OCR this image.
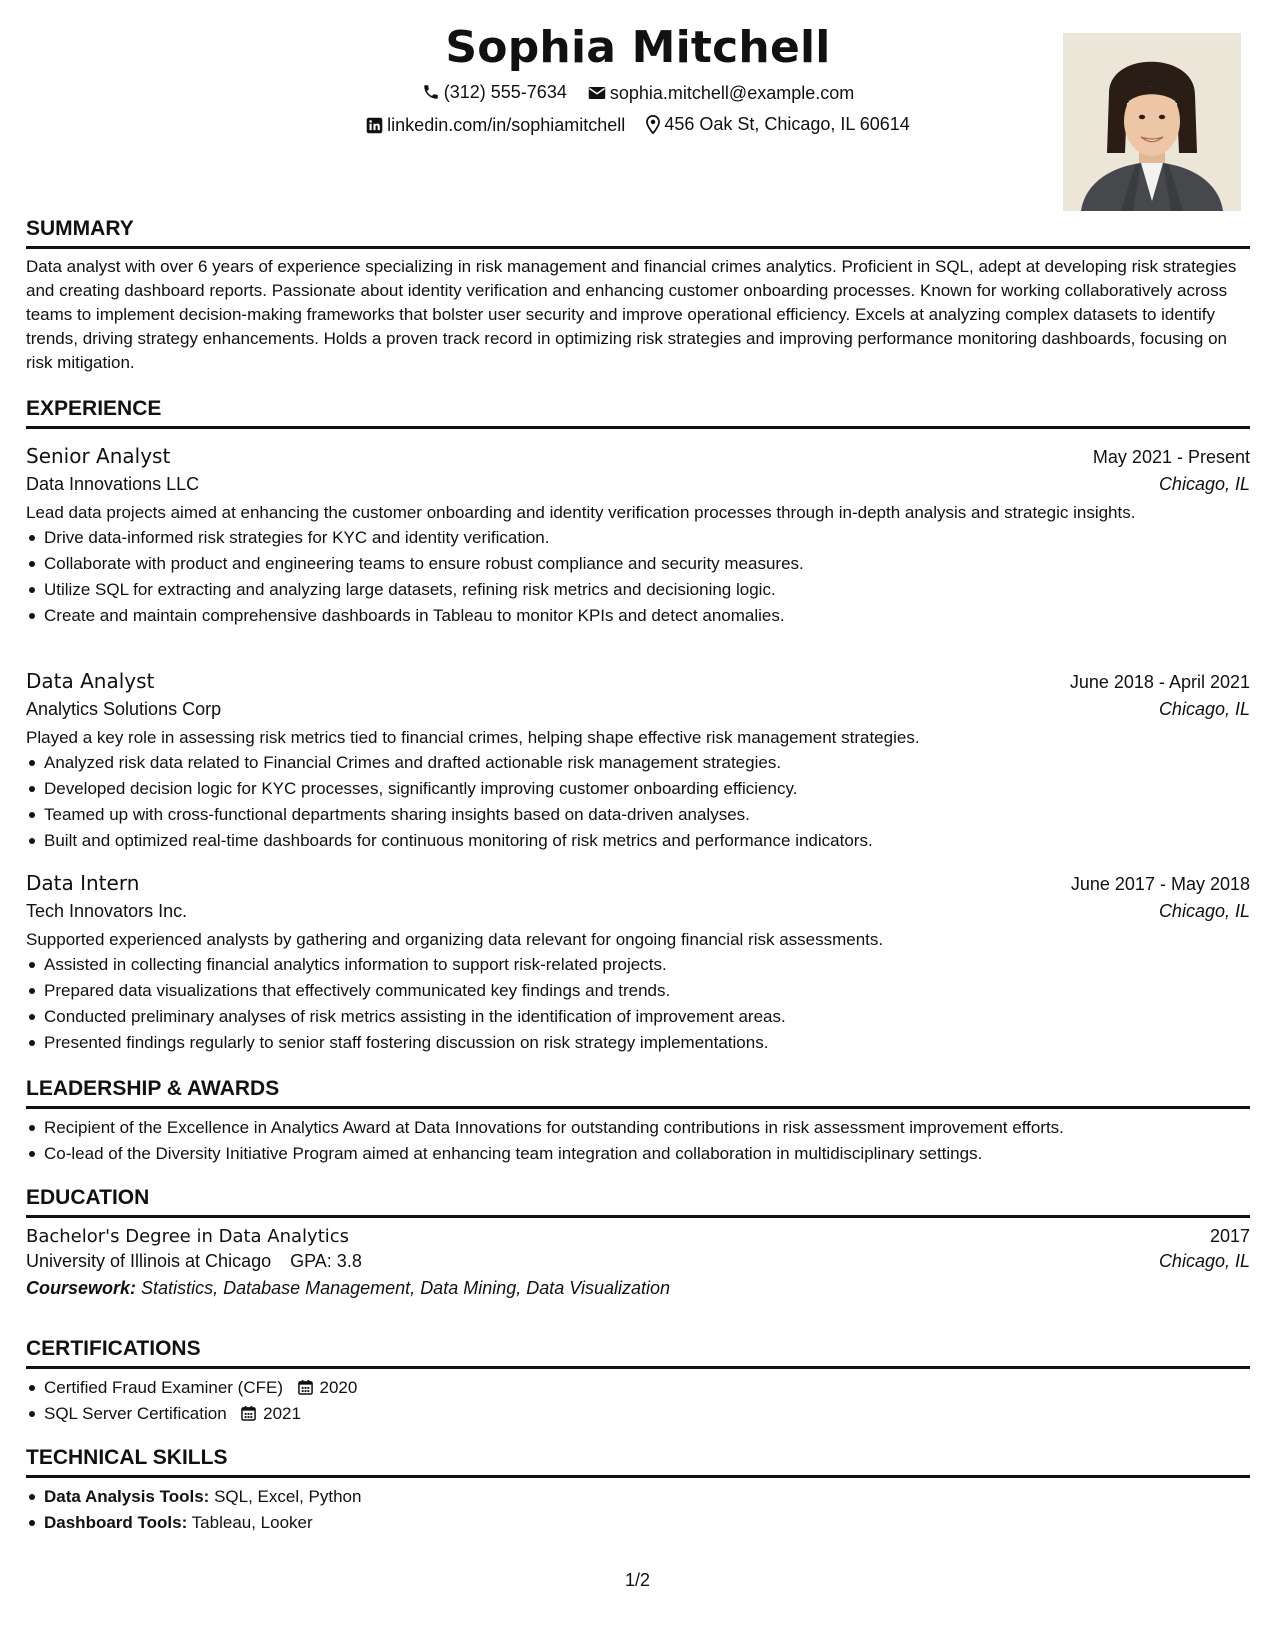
Sophia Mitchell
(312) 555-7634
sophia.mitchell@example.com
linkedin.com/in/sophiamitchell
456 Oak St, Chicago, IL 60614
SUMMARY

Data analyst with over 6 years of experience specializing in risk management and financial crimes analytics. Proficient in SQL, adept at developing risk strategies and creating dashboard reports. Passionate about identity verification and enhancing customer onboarding processes. Known for working collaboratively across teams to implement decision-making frameworks that bolster user security and improve operational efficiency. Excels at analyzing complex datasets to identify trends, driving strategy enhancements. Holds a proven track record in optimizing risk strategies and improving performance monitoring dashboards, focusing on risk mitigation.

EXPERIENCE
Senior Analyst	May 2021 - Present
Data Innovations LLC	Chicago, IL

Lead data projects aimed at enhancing the customer onboarding and identity verification processes through in-depth analysis and strategic insights.

Drive data-informed risk strategies for KYC and identity verification.
Collaborate with product and engineering teams to ensure robust compliance and security measures.
Utilize SQL for extracting and analyzing large datasets, refining risk metrics and decisioning logic.
Create and maintain comprehensive dashboards in Tableau to monitor KPIs and detect anomalies.
Data Analyst	June 2018 - April 2021
Analytics Solutions Corp	Chicago, IL

Played a key role in assessing risk metrics tied to financial crimes, helping shape effective risk management strategies.

Analyzed risk data related to Financial Crimes and drafted actionable risk management strategies.
Developed decision logic for KYC processes, significantly improving customer onboarding efficiency.
Teamed up with cross-functional departments sharing insights based on data-driven analyses.
Built and optimized real-time dashboards for continuous monitoring of risk metrics and performance indicators.
Data Intern	June 2017 - May 2018
Tech Innovators Inc.	Chicago, IL

Supported experienced analysts by gathering and organizing data relevant for ongoing financial risk assessments.

Assisted in collecting financial analytics information to support risk-related projects.
Prepared data visualizations that effectively communicated key findings and trends.
Conducted preliminary analyses of risk metrics assisting in the identification of improvement areas.
Presented findings regularly to senior staff fostering discussion on risk strategy implementations.
LEADERSHIP & AWARDS
Recipient of the Excellence in Analytics Award at Data Innovations for outstanding contributions in risk assessment improvement efforts.
Co-lead of the Diversity Initiative Program aimed at enhancing team integration and collaboration in multidisciplinary settings.
EDUCATION
Bachelor's Degree in Data Analytics	2017
University of Illinois at Chicago GPA: 3.8	Chicago, IL
Coursework: Statistics, Database Management, Data Mining, Data Visualization
CERTIFICATIONS
Certified Fraud Examiner (CFE) 2020
SQL Server Certification 2021
TECHNICAL SKILLS
Data Analysis Tools: SQL, Excel, Python
Dashboard Tools: Tableau, Looker
1/2
